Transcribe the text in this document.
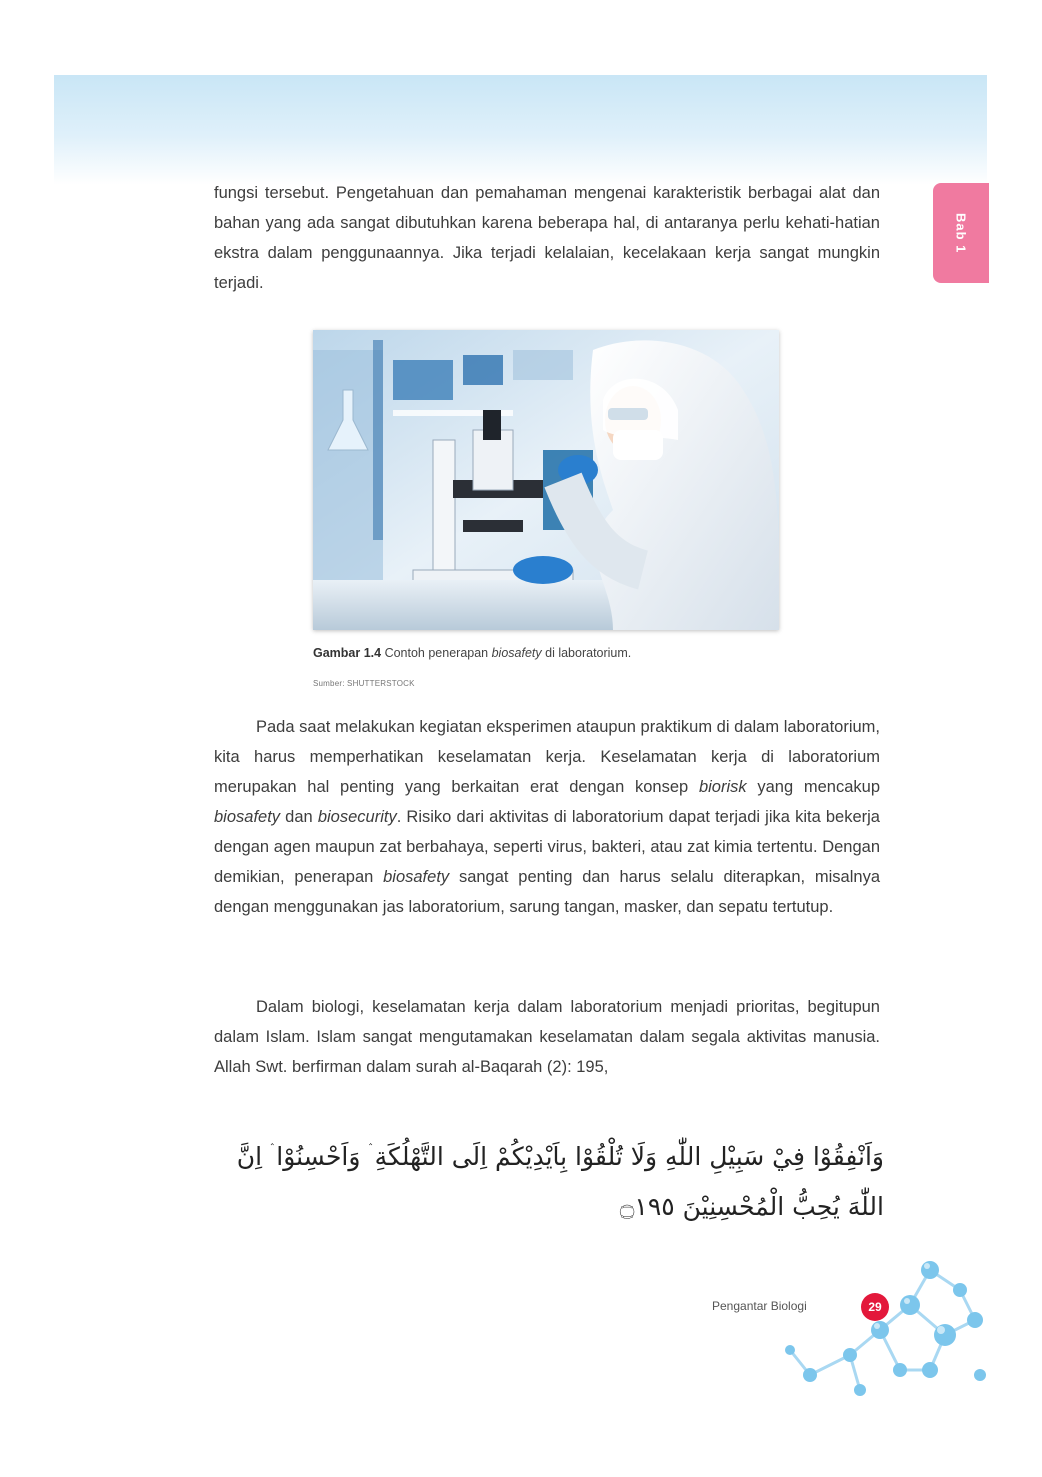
Bab 1

fungsi tersebut. Pengetahuan dan pemahaman mengenai karakteristik berbagai alat dan bahan yang ada sangat dibutuhkan karena beberapa hal, di antaranya perlu kehati-hatian ekstra dalam penggunaannya. Jika terjadi kelalaian, kecelakaan kerja sangat mungkin terjadi.

Gambar 1.4 Contoh penerapan biosafety di laboratorium.
Sumber: SHUTTERSTOCK

Pada saat melakukan kegiatan eksperimen ataupun praktikum di dalam laboratorium, kita harus memperhatikan keselamatan kerja. Keselamatan kerja di laboratorium merupakan hal penting yang berkaitan erat dengan konsep biorisk yang mencakup biosafety dan biosecurity. Risiko dari aktivitas di laboratorium dapat terjadi jika kita bekerja dengan agen maupun zat berbahaya, seperti virus, bakteri, atau zat kimia tertentu. Dengan demikian, penerapan biosafety sangat penting dan harus selalu diterapkan, misalnya dengan menggunakan jas laboratorium, sarung tangan, masker, dan sepatu tertutup.

Dalam biologi, keselamatan kerja dalam laboratorium menjadi prioritas, begitupun dalam Islam. Islam sangat mengutamakan keselamatan dalam segala aktivitas manusia. Allah Swt. berfirman dalam surah al-Baqarah (2): 195,

وَاَنْفِقُوْا فِيْ سَبِيْلِ اللّٰهِ وَلَا تُلْقُوْا بِاَيْدِيْكُمْ اِلَى التَّهْلُكَةِ ۛ وَاَحْسِنُوْا ۛ اِنَّ اللّٰهَ يُحِبُّ الْمُحْسِنِيْنَ ۝١٩٥
Pengantar Biologi	29
